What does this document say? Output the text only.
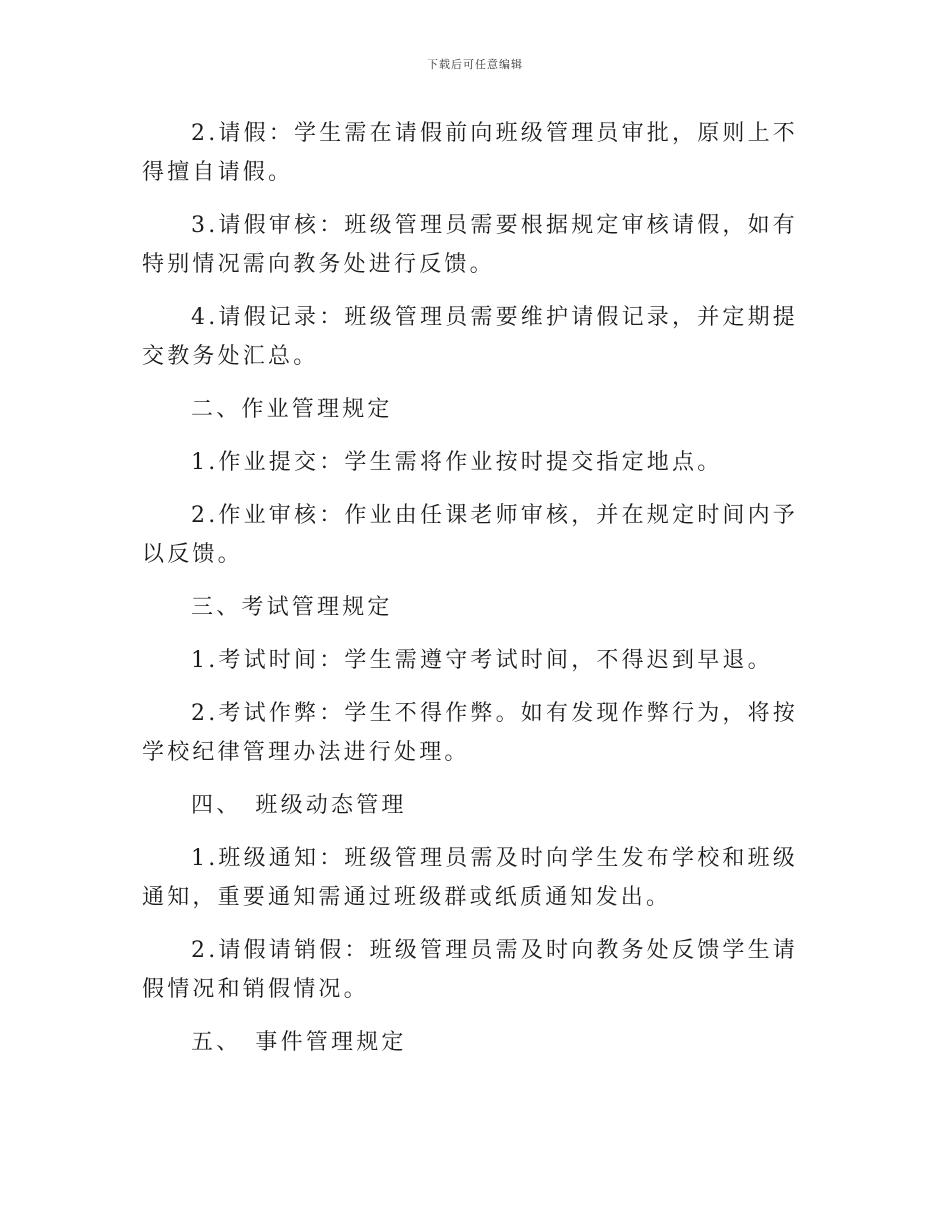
下载后可任意编辑

2.请假：学生需在请假前向班级管理员审批，原则上不得擅自请假。

3.请假审核：班级管理员需要根据规定审核请假，如有特别情况需向教务处进行反馈。

4.请假记录：班级管理员需要维护请假记录，并定期提交教务处汇总。

二、作业管理规定

1.作业提交：学生需将作业按时提交指定地点。

2.作业审核：作业由任课老师审核，并在规定时间内予以反馈。

三、考试管理规定

1.考试时间：学生需遵守考试时间，不得迟到早退。

2.考试作弊：学生不得作弊。如有发现作弊行为，将按学校纪律管理办法进行处理。

四、 班级动态管理

1.班级通知：班级管理员需及时向学生发布学校和班级通知，重要通知需通过班级群或纸质通知发出。

2.请假请销假：班级管理员需及时向教务处反馈学生请假情况和销假情况。

五、 事件管理规定
